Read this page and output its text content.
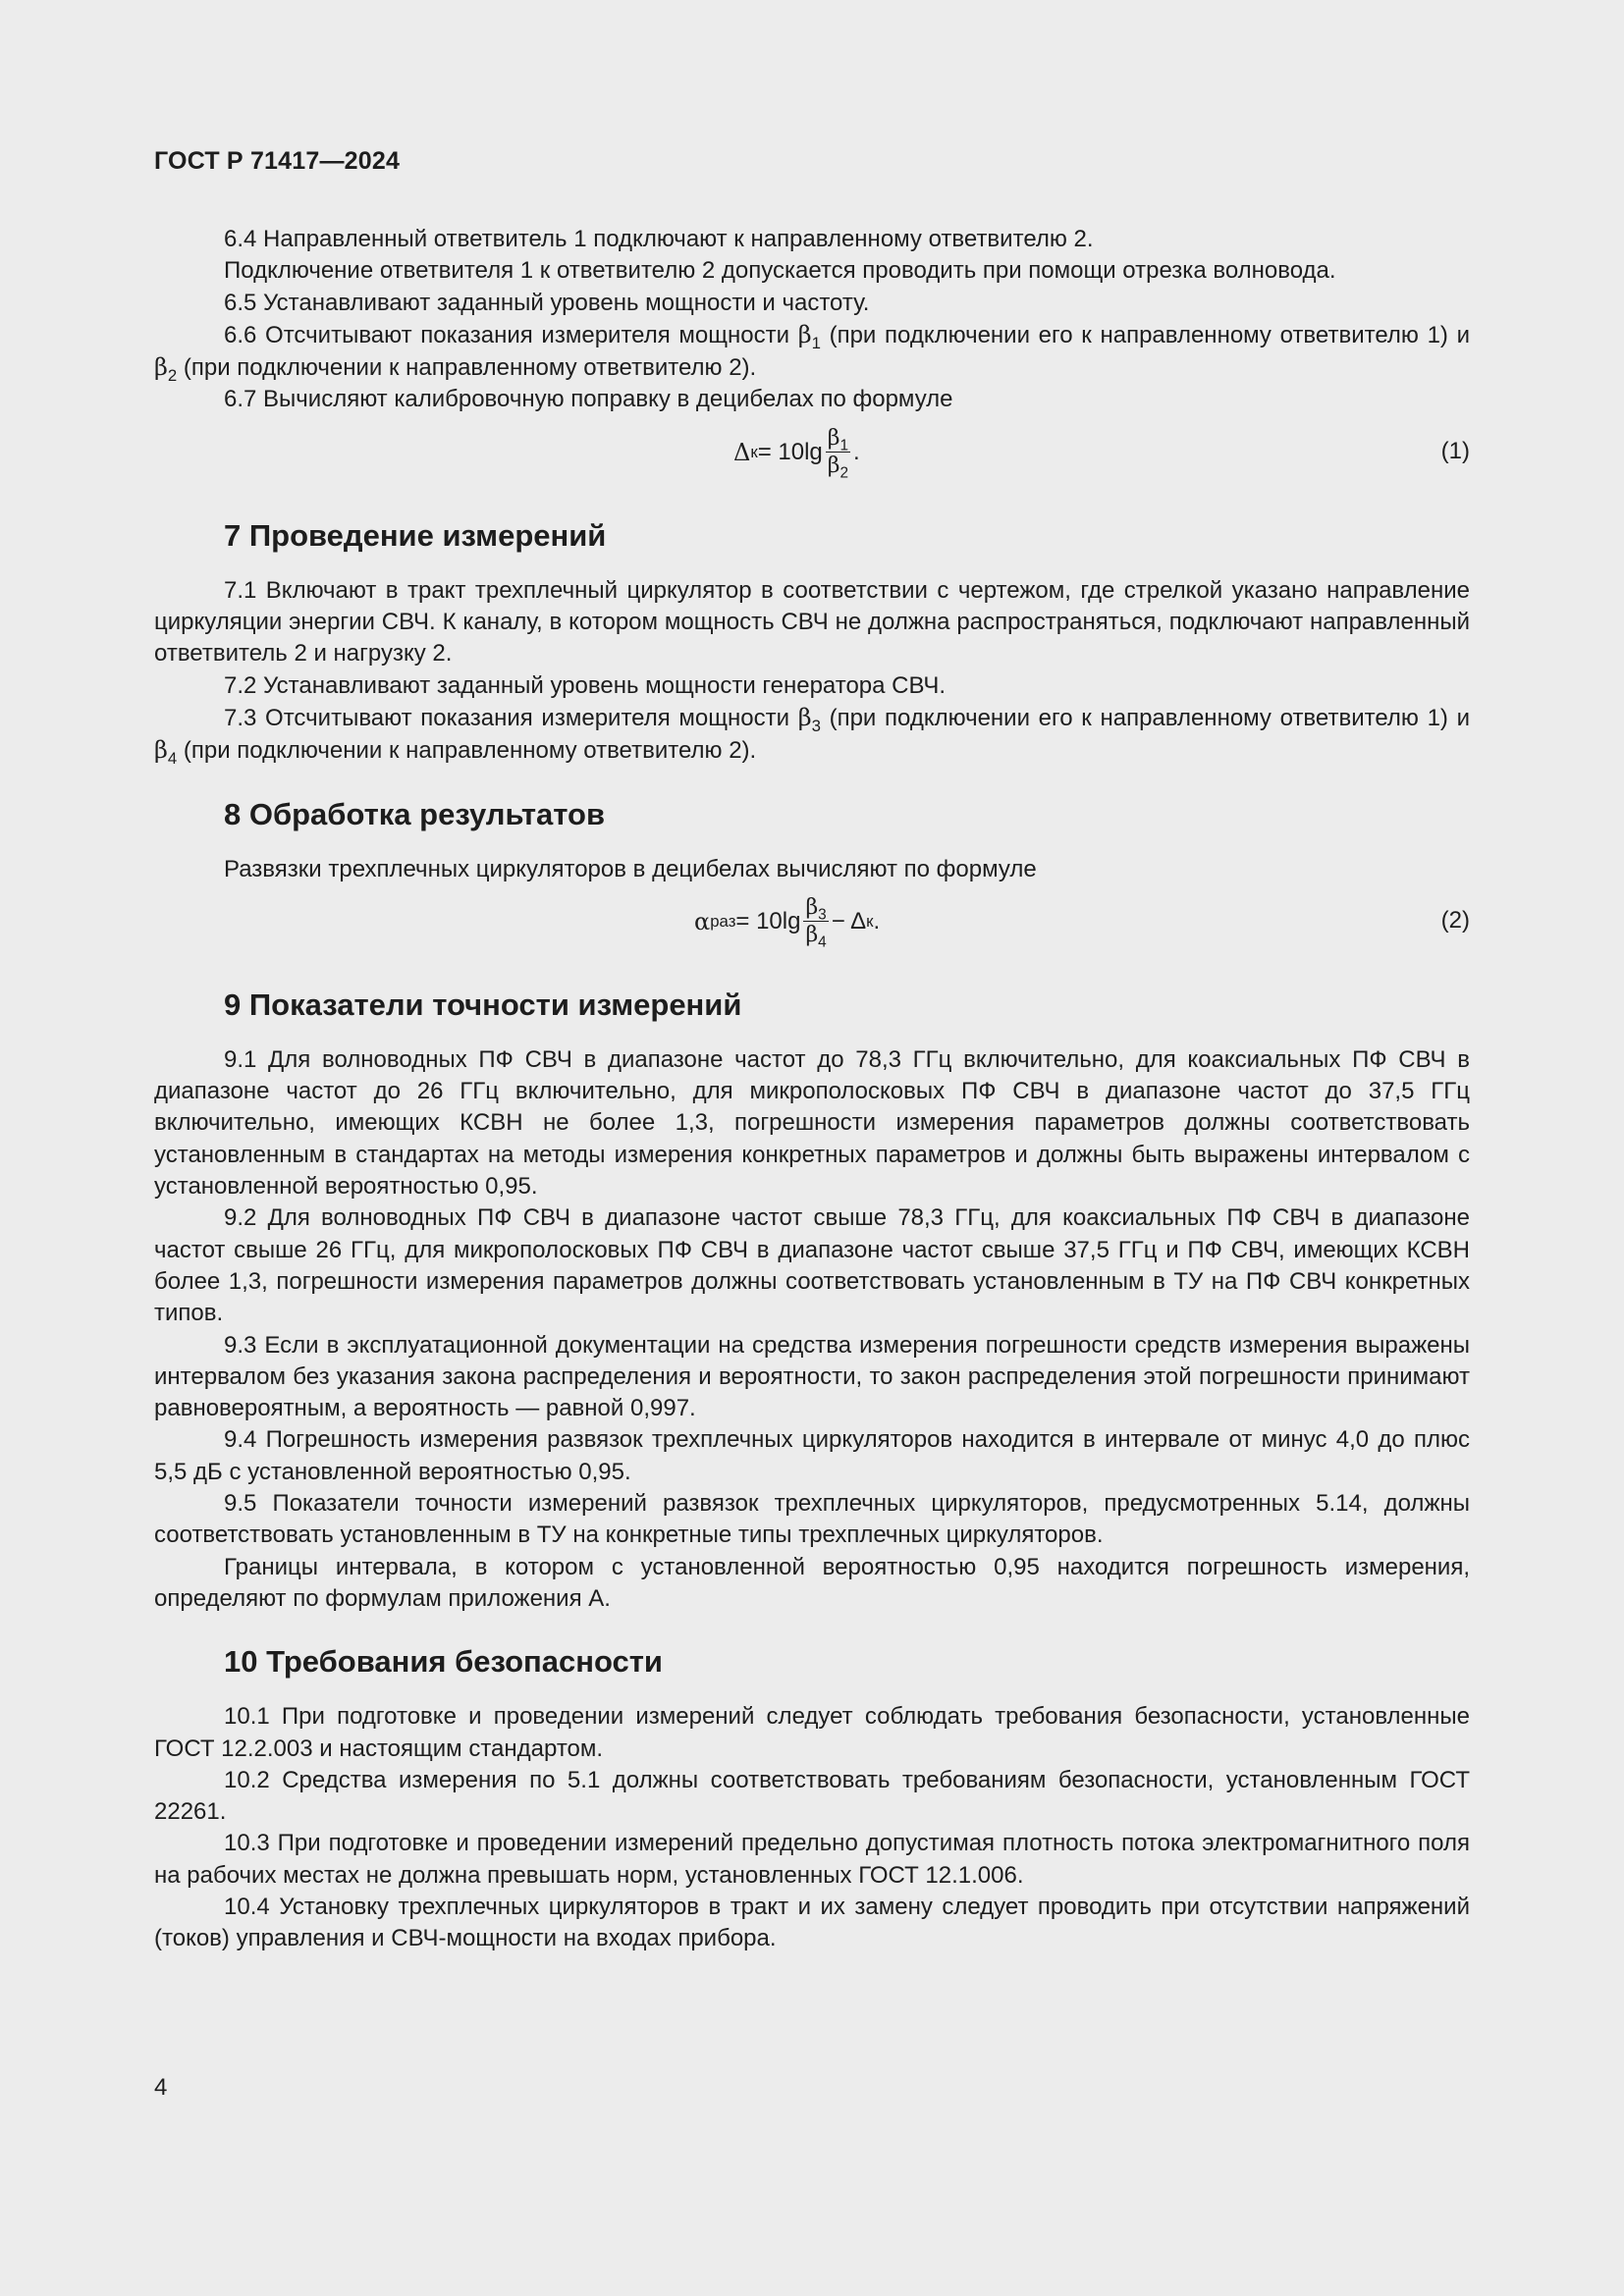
ГОСТ Р 71417—2024

6.4 Направленный ответвитель 1 подключают к направленному ответвителю 2.

Подключение ответвителя 1 к ответвителю 2 допускается проводить при помощи отрезка волновода.

6.5 Устанавливают заданный уровень мощности и частоту.

6.6 Отсчитывают показания измерителя мощности $\beta_1$ (при подключении его к направленному ответвителю 1) и $\beta_2$ (при подключении к направленному ответвителю 2).

6.7 Вычисляют калибровочную поправку в децибелах по формуле

Δ $к = 10\lg \frac{\beta_1}{\beta_2}$ .	(1)
7 Проведение измерений

7.1 Включают в тракт трехплечный циркулятор в соответствии с чертежом, где стрелкой указано направление циркуляции энергии СВЧ. К каналу, в котором мощность СВЧ не должна распространяться, подключают направленный ответвитель 2 и нагрузку 2.

7.2 Устанавливают заданный уровень мощности генератора СВЧ.

7.3 Отсчитывают показания измерителя мощности $\beta_3$ (при подключении его к направленному ответвителю 1) и $\beta_4$ (при подключении к направленному ответвителю 2).

8 Обработка результатов

Развязки трехплечных циркуляторов в децибелах вычисляют по формуле

α раз = $10\lg \frac{\beta_3}{\beta_4} - \Delta$ к .	(2)
9 Показатели точности измерений

9.1 Для волноводных ПФ СВЧ в диапазоне частот до 78,3 ГГц включительно, для коаксиальных ПФ СВЧ в диапазоне частот до 26 ГГц включительно, для микрополосковых ПФ СВЧ в диапазоне частот до 37,5 ГГц включительно, имеющих КСВН не более 1,3, погрешности измерения параметров должны соответствовать установленным в стандартах на методы измерения конкретных параметров и должны быть выражены интервалом с установленной вероятностью 0,95.

9.2 Для волноводных ПФ СВЧ в диапазоне частот свыше 78,3 ГГц, для коаксиальных ПФ СВЧ в диапазоне частот свыше 26 ГГц, для микрополосковых ПФ СВЧ в диапазоне частот свыше 37,5 ГГц и ПФ СВЧ, имеющих КСВН более 1,3, погрешности измерения параметров должны соответствовать установленным в ТУ на ПФ СВЧ конкретных типов.

9.3 Если в эксплуатационной документации на средства измерения погрешности средств измерения выражены интервалом без указания закона распределения и вероятности, то закон распределения этой погрешности принимают равновероятным, а вероятность — равной 0,997.

9.4 Погрешность измерения развязок трехплечных циркуляторов находится в интервале от минус 4,0 до плюс 5,5 дБ с установленной вероятностью 0,95.

9.5 Показатели точности измерений развязок трехплечных циркуляторов, предусмотренных 5.14, должны соответствовать установленным в ТУ на конкретные типы трехплечных циркуляторов.

Границы интервала, в котором с установленной вероятностью 0,95 находится погрешность измерения, определяют по формулам приложения А.

10 Требования безопасности

10.1 При подготовке и проведении измерений следует соблюдать требования безопасности, установленные ГОСТ 12.2.003 и настоящим стандартом.

10.2 Средства измерения по 5.1 должны соответствовать требованиям безопасности, установленным ГОСТ 22261.

10.3 При подготовке и проведении измерений предельно допустимая плотность потока электромагнитного поля на рабочих местах не должна превышать норм, установленных ГОСТ 12.1.006.

10.4 Установку трехплечных циркуляторов в тракт и их замену следует проводить при отсутствии напряжений (токов) управления и СВЧ-мощности на входах прибора.

4
